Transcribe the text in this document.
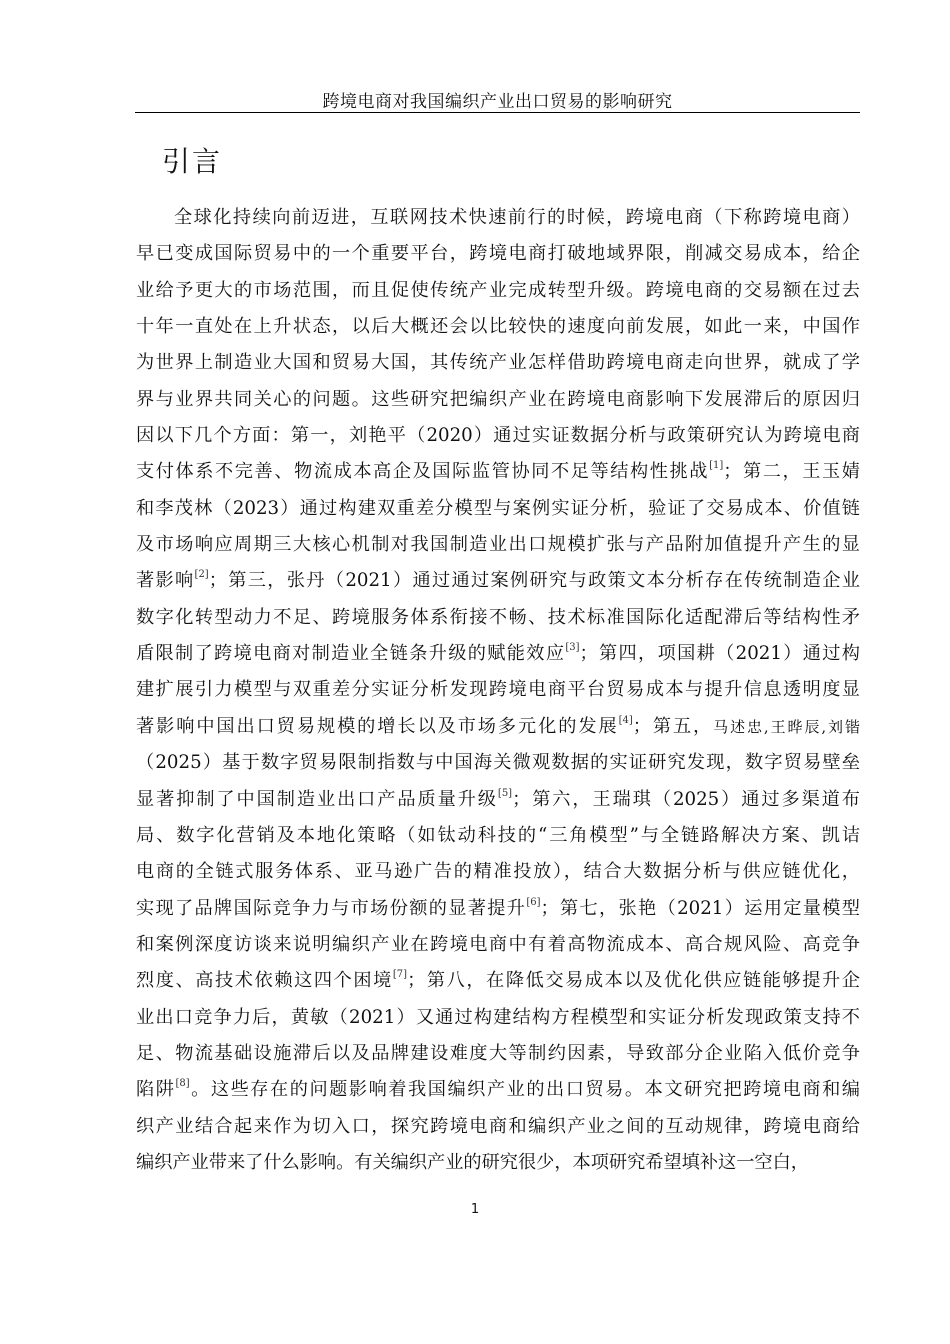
跨境电商对我国编织产业出口贸易的影响研究
引言
全球化持续向前迈进，互联网技术快速前行的时候，跨境电商（下称跨境电商）
早已变成国际贸易中的一个重要平台，跨境电商打破地域界限，削减交易成本，给企
业给予更大的市场范围，而且促使传统产业完成转型升级。跨境电商的交易额在过去
十年一直处在上升状态，以后大概还会以比较快的速度向前发展，如此一来，中国作
为世界上制造业大国和贸易大国，其传统产业怎样借助跨境电商走向世界，就成了学
界与业界共同关心的问题。这些研究把编织产业在跨境电商影响下发展滞后的原因归
因以下几个方面：第一，刘艳平（2020）通过实证数据分析与政策研究认为跨境电商
支付体系不完善、物流成本高企及国际监管协同不足等结构性挑战[1]；第二，王玉婧
和李茂林（2023）通过构建双重差分模型与案例实证分析，验证了交易成本、价值链
及市场响应周期三大核心机制对我国制造业出口规模扩张与产品附加值提升产生的显
著影响[2]；第三，张丹（2021）通过通过案例研究与政策文本分析存在传统制造企业
数字化转型动力不足、跨境服务体系衔接不畅、技术标准国际化适配滞后等结构性矛
盾限制了跨境电商对制造业全链条升级的赋能效应[3]；第四，项国耕（2021）通过构
建扩展引力模型与双重差分实证分析发现跨境电商平台贸易成本与提升信息透明度显
著影响中国出口贸易规模的增长以及市场多元化的发展[4]；第五，马述忠,王晔辰,刘锴
（2025）基于数字贸易限制指数与中国海关微观数据的实证研究发现，数字贸易壁垒
显著抑制了中国制造业出口产品质量升级[5]；第六，王瑞琪（2025）通过多渠道布
局、数字化营销及本地化策略（如钛动科技的“三角模型”与全链路解决方案、凯诘
电商的全链式服务体系、亚马逊广告的精准投放），结合大数据分析与供应链优化，
实现了品牌国际竞争力与市场份额的显著提升[6]；第七，张艳（2021）运用定量模型
和案例深度访谈来说明编织产业在跨境电商中有着高物流成本、高合规风险、高竞争
烈度、高技术依赖这四个困境[7]；第八，在降低交易成本以及优化供应链能够提升企
业出口竞争力后，黄敏（2021）又通过构建结构方程模型和实证分析发现政策支持不
足、物流基础设施滞后以及品牌建设难度大等制约因素，导致部分企业陷入低价竞争
陷阱[8]。这些存在的问题影响着我国编织产业的出口贸易。本文研究把跨境电商和编
织产业结合起来作为切入口，探究跨境电商和编织产业之间的互动规律，跨境电商给
编织产业带来了什么影响。有关编织产业的研究很少，本项研究希望填补这一空白，
1
